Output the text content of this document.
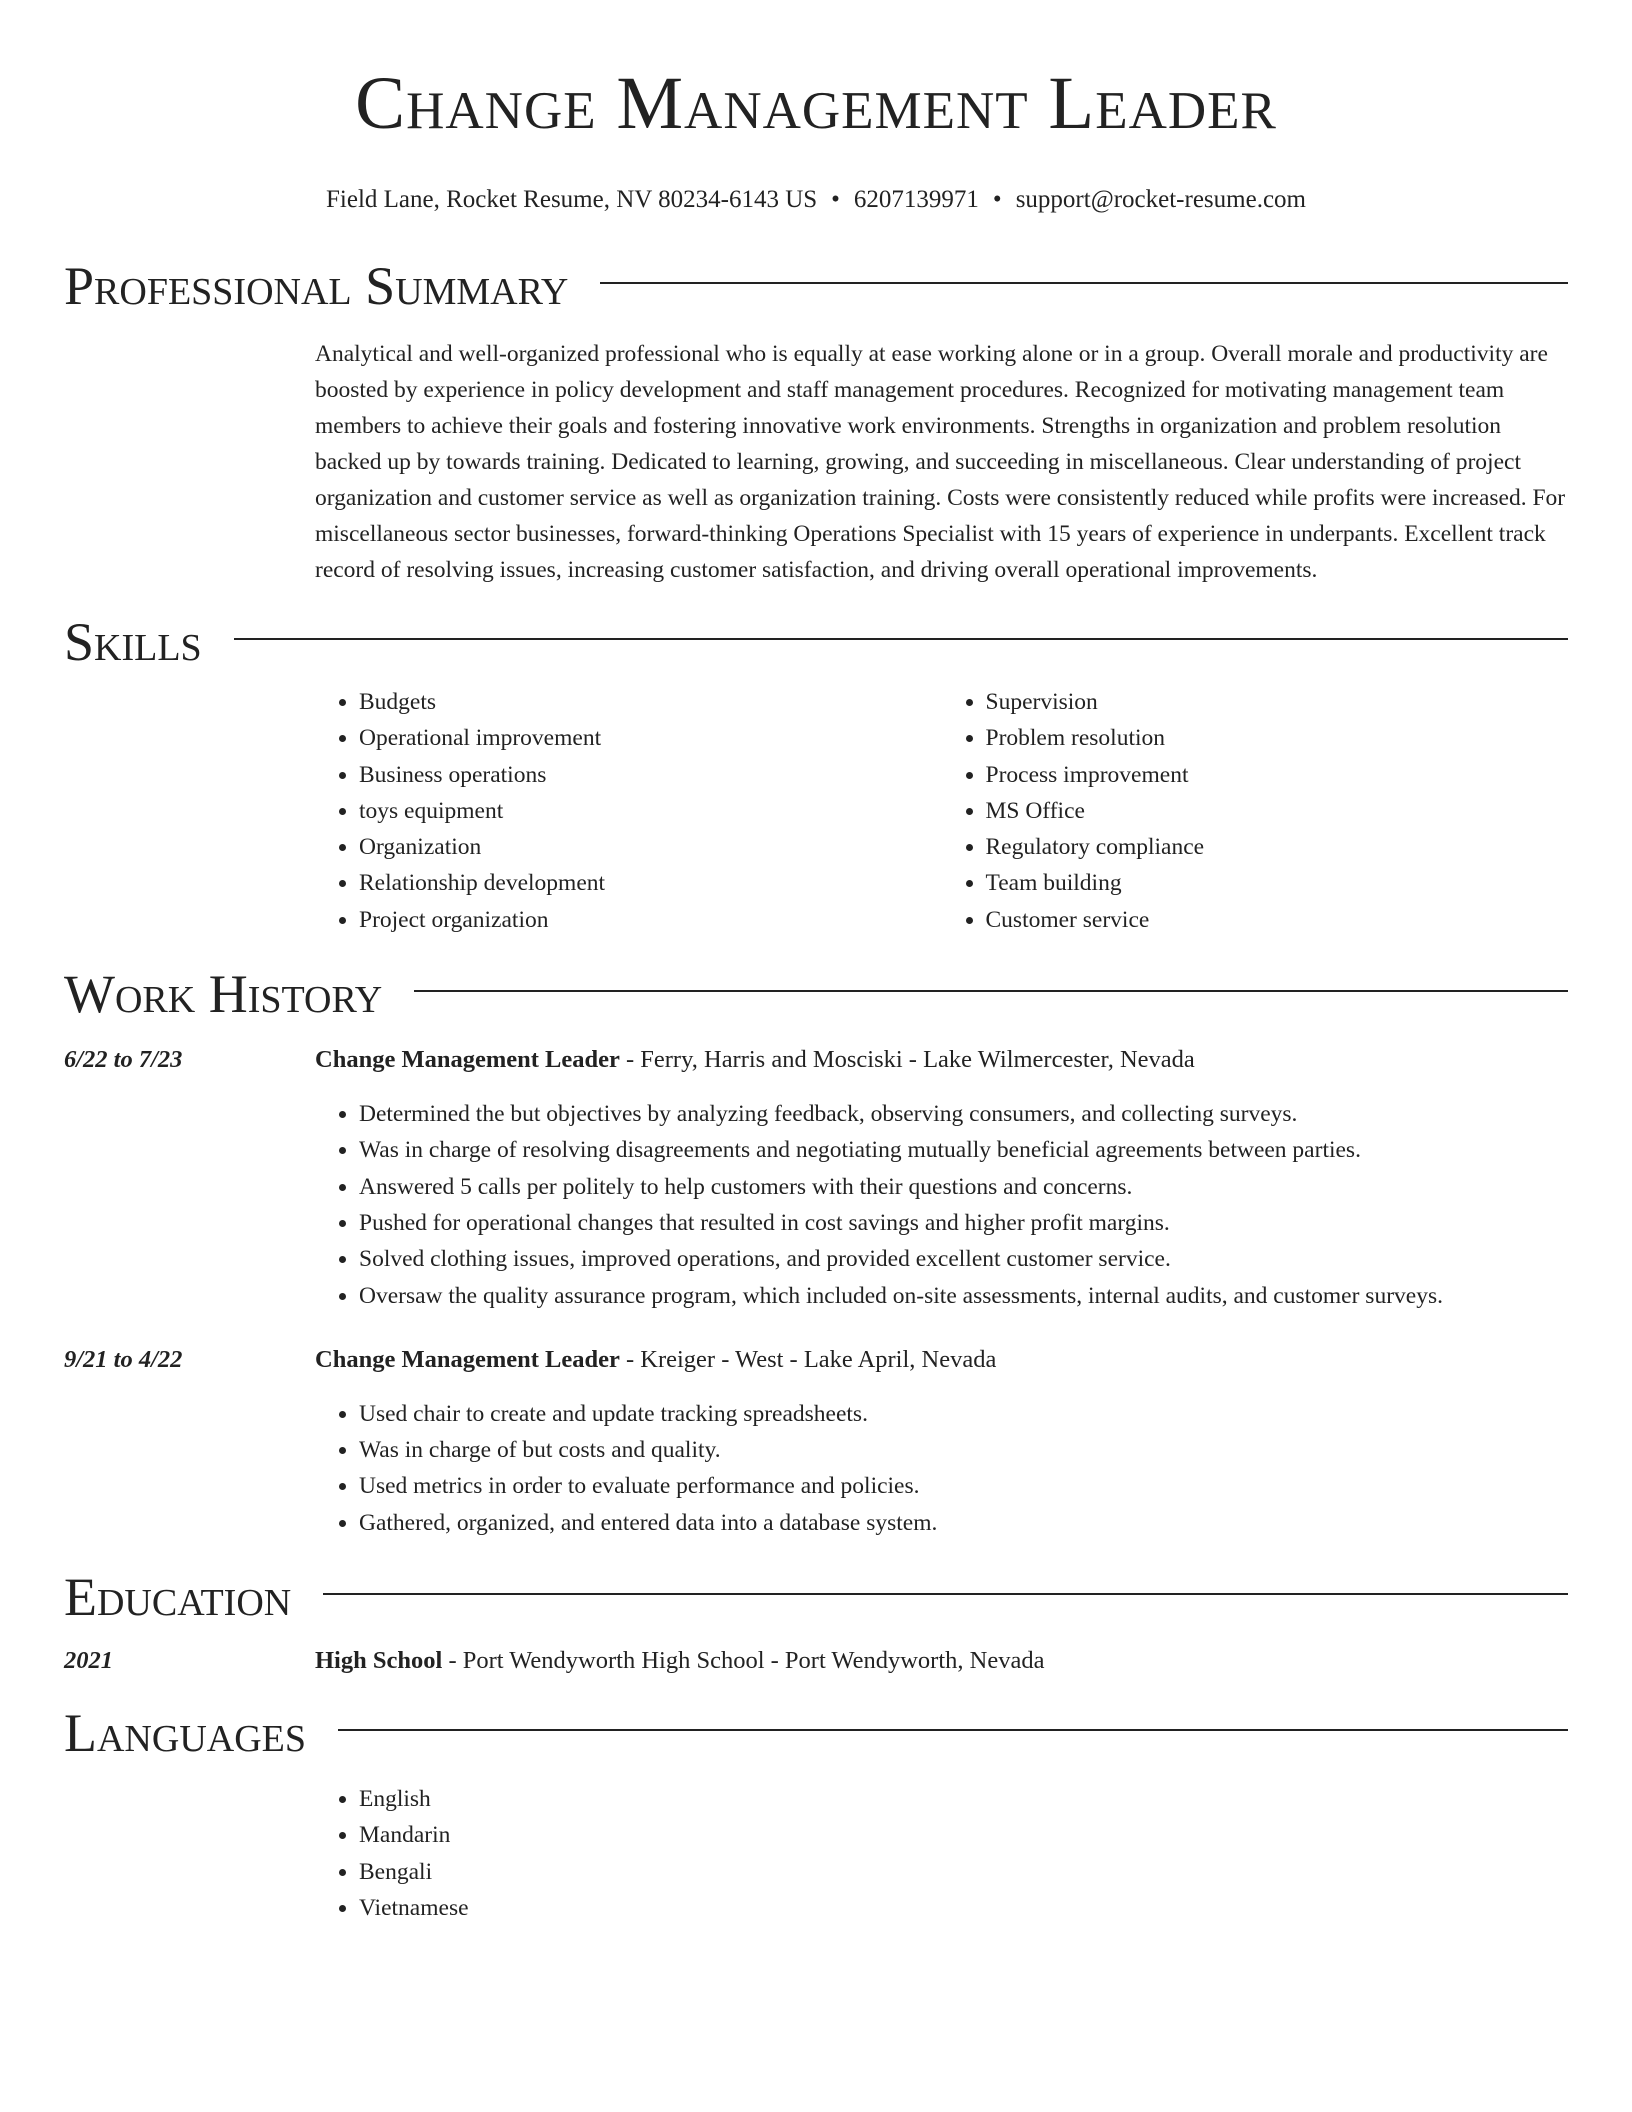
Change Management Leader
Field Lane, Rocket Resume, NV 80234-6143 US • 6207139971 • support@rocket-resume.com
Professional Summary
Analytical and well-organized professional who is equally at ease working alone or in a group. Overall morale and productivity are boosted by experience in policy development and staff management procedures. Recognized for motivating management team members to achieve their goals and fostering innovative work environments. Strengths in organization and problem resolution backed up by towards training. Dedicated to learning, growing, and succeeding in miscellaneous. Clear understanding of project organization and customer service as well as organization training. Costs were consistently reduced while profits were increased. For miscellaneous sector businesses, forward-thinking Operations Specialist with 15 years of experience in underpants. Excellent track record of resolving issues, increasing customer satisfaction, and driving overall operational improvements.
Skills
• Budgets
• Operational improvement
• Business operations
• toys equipment
• Organization
• Relationship development
• Project organization
• Supervision
• Problem resolution
• Process improvement
• MS Office
• Regulatory compliance
• Team building
• Customer service
Work History
6/22 to 7/23	Change Management Leader - Ferry, Harris and Mosciski - Lake Wilmercester, Nevada
• Determined the but objectives by analyzing feedback, observing consumers, and collecting surveys.
• Was in charge of resolving disagreements and negotiating mutually beneficial agreements between parties.
• Answered 5 calls per politely to help customers with their questions and concerns.
• Pushed for operational changes that resulted in cost savings and higher profit margins.
• Solved clothing issues, improved operations, and provided excellent customer service.
• Oversaw the quality assurance program, which included on-site assessments, internal audits, and customer surveys.
9/21 to 4/22	Change Management Leader - Kreiger - West - Lake April, Nevada
• Used chair to create and update tracking spreadsheets.
• Was in charge of but costs and quality.
• Used metrics in order to evaluate performance and policies.
• Gathered, organized, and entered data into a database system.
Education
2021	High School - Port Wendyworth High School - Port Wendyworth, Nevada
Languages
• English
• Mandarin
• Bengali
• Vietnamese
